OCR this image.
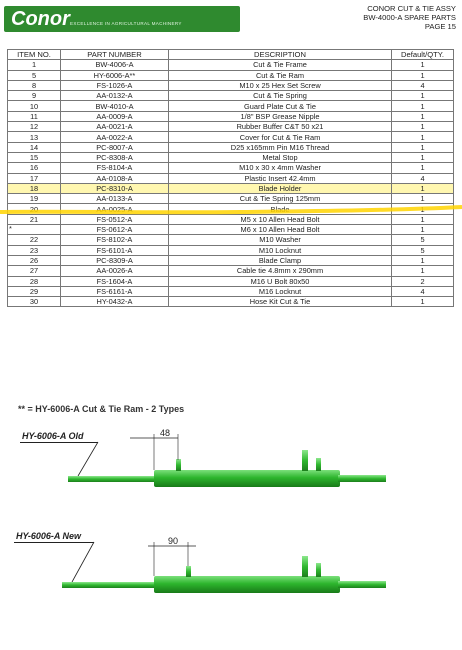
Conor EXCELLENCE IN AGRICULTURAL MACHINERY
CONOR CUT & TIE ASSY
BW-4000-A SPARE PARTS
PAGE 15
ITEM NO.	PART NUMBER	DESCRIPTION	Default/QTY.

1	BW-4006-A	Cut & Tie Frame	1

5	HY-6006-A**	Cut & Tie Ram	1

8	FS-1026-A	M10 x 25 Hex Set Screw	4

9	AA-0132-A	Cut & Tie Spring	1

10	BW-4010-A	Guard Plate Cut & Tie	1

11	AA-0009-A	1/8" BSP Grease Nipple	1

12	AA-0021-A	Rubber Buffer C&T 50 x21	1

13	AA-0022-A	Cover for Cut & Tie Ram	1

14	PC-8007-A	D25 x165mm Pin M16 Thread	1

15	PC-8308-A	Metal Stop	1

16	FS-8104-A	M10 x 30 x 4mm Washer	1

17	AA-0108-A	Plastic Insert 42.4mm	4

18	PC-8310-A	Blade Holder	1

19	AA-0133-A	Cut & Tie Spring 125mm	1

20	AA-0025-A	Blade	1

21	FS-0512-A	M5 x 10 Allen Head Bolt	1

*	FS-0612-A	M6 x 10 Allen Head Bolt	1

22	FS-8102-A	M10 Washer	5

23	FS-6101-A	M10 Locknut	5

26	PC-8309-A	Blade Clamp	1

27	AA-0026-A	Cable tie 4.8mm x 290mm	1

28	FS-1604-A	M16 U Bolt 80x50	2

29	FS-6161-A	M16 Locknut	4

30	HY-0432-A	Hose Kit Cut & Tie	1
** = HY-6006-A Cut & Tie Ram - 2 Types
HY-6006-A Old
HY-6006-A New
48
90
